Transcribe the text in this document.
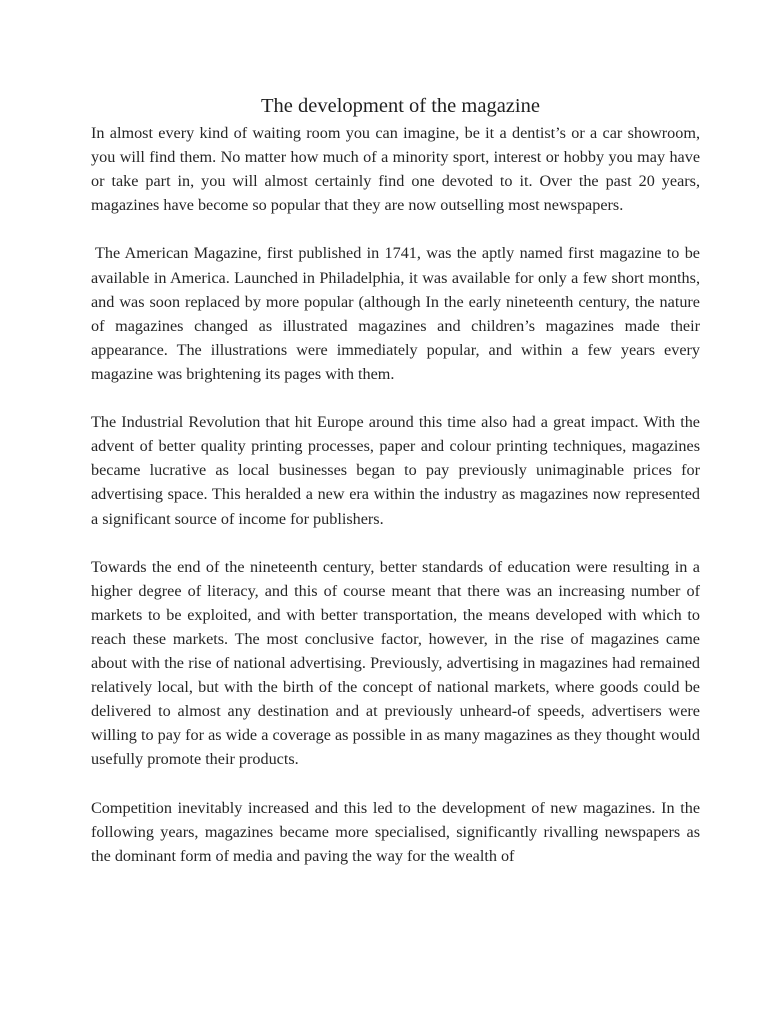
The development of the magazine

In almost every kind of waiting room you can imagine, be it a dentist’s or a car showroom, you will find them. No matter how much of a minority sport, interest or hobby you may have or take part in, you will almost certainly find one devoted to it. Over the past 20 years, magazines have become so popular that they are now outselling most newspapers.

The American Magazine, first published in 1741, was the aptly named first magazine to be available in America. Launched in Philadelphia, it was available for only a few short months, and was soon replaced by more popular (although In the early nineteenth century, the nature of magazines changed as illustrated magazines and children’s magazines made their appearance. The illustrations were immediately popular, and within a few years every magazine was brightening its pages with them.

The Industrial Revolution that hit Europe around this time also had a great impact. With the advent of better quality printing processes, paper and colour printing techniques, magazines became lucrative as local businesses began to pay previously unimaginable prices for advertising space. This heralded a new era within the industry as magazines now represented a significant source of income for publishers.

Towards the end of the nineteenth century, better standards of education were resulting in a higher degree of literacy, and this of course meant that there was an increasing number of markets to be exploited, and with better transportation, the means developed with which to reach these markets. The most conclusive factor, however, in the rise of magazines came about with the rise of national advertising. Previously, advertising in magazines had remained relatively local, but with the birth of the concept of national markets, where goods could be delivered to almost any destination and at previously unheard-of speeds, advertisers were willing to pay for as wide a coverage as possible in as many magazines as they thought would usefully promote their products.

Competition inevitably increased and this led to the development of new magazines. In the following years, magazines became more specialised, significantly rivalling newspapers as the dominant form of media and paving the way for the wealth of
